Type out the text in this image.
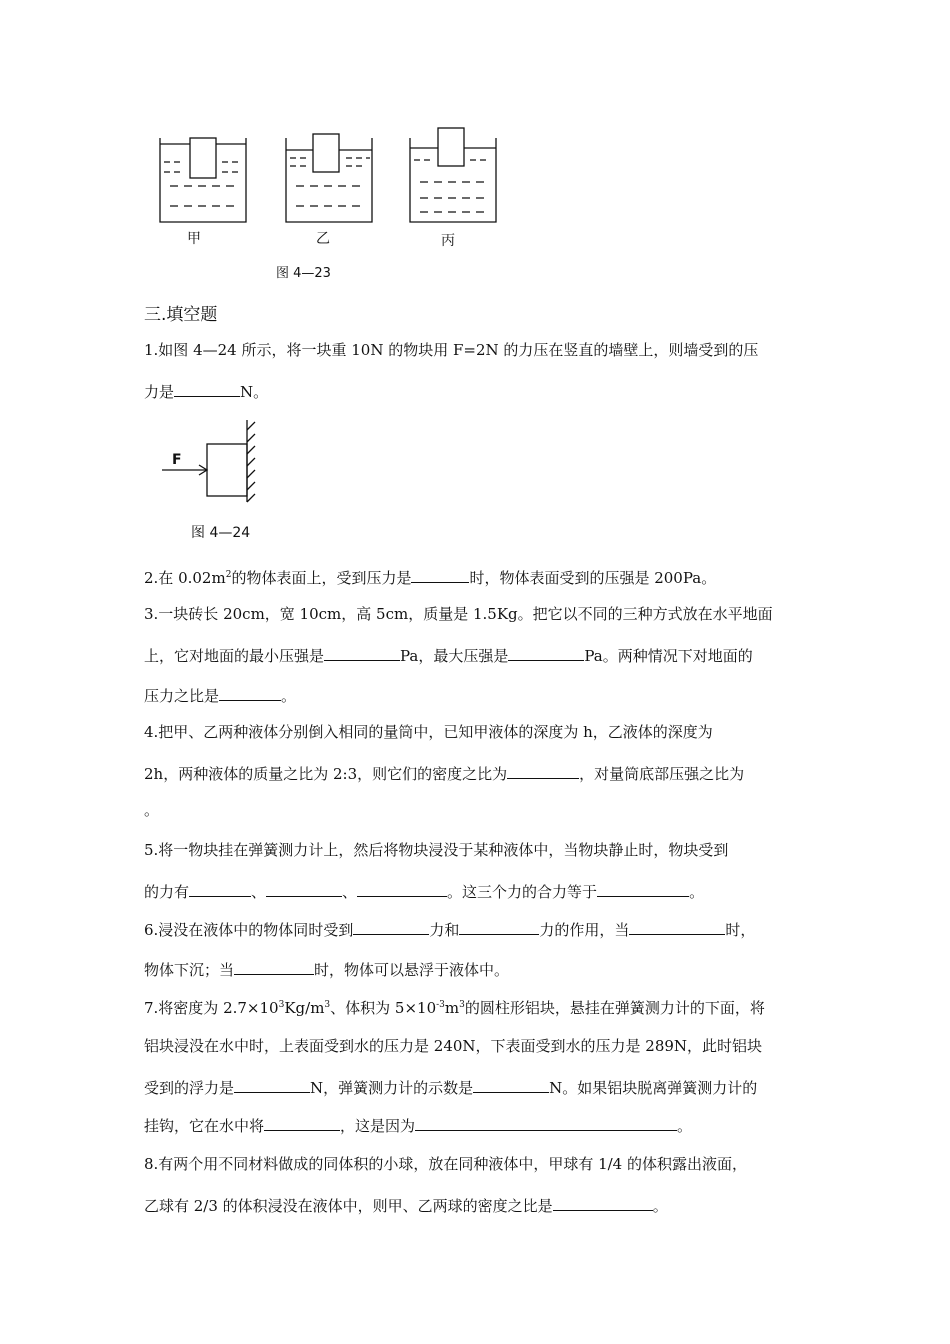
甲	乙	丙
图 4—23
三.填空题
1.如图 4—24 所示，将一块重 10N 的物块用 F=2N 的力压在竖直的墙壁上，则墙受到的压
力是	N。
F
图 4—24
2.在 $0.02m^2$的物体表面上，受到压力是	时，物体表面受到的压强是 200Pa。
3.一块砖长 20cm，宽 10cm，高 5cm，质量是 1.5Kg。把它以不同的三种方式放在水平地面
上，它对地面的最小压强是	Pa，最大压强是	Pa。两种情况下对地面的
压力之比是	。
4.把甲、乙两种液体分别倒入相同的量筒中，已知甲液体的深度为 h，乙液体的深度为
2h，两种液体的质量之比为 2:3，则它们的密度之比为	，对量筒底部压强之比为
。
5.将一物块挂在弹簧测力计上，然后将物块浸没于某种液体中，当物块静止时，物块受到
的力有	、	、	。这三个力的合力等于	。
6.浸没在液体中的物体同时受到	力和	力的作用，当	时，
物体下沉；当	时，物体可以悬浮于液体中。
7.将密度为 $2.7\times 10^3Kg/m^3$、体积为 $5\times 10^{-3}m^3$的圆柱形铝块，悬挂在弹簧测力计的下面，将
铝块浸没在水中时，上表面受到水的压力是 240N，下表面受到水的压力是 289N，此时铝块
受到的浮力是	N，弹簧测力计的示数是	N。如果铝块脱离弹簧测力计的
挂钩，它在水中将	，这是因为	。
8.有两个用不同材料做成的同体积的小球，放在同种液体中，甲球有 1/4 的体积露出液面，
乙球有 2/3 的体积浸没在液体中，则甲、乙两球的密度之比是	。
